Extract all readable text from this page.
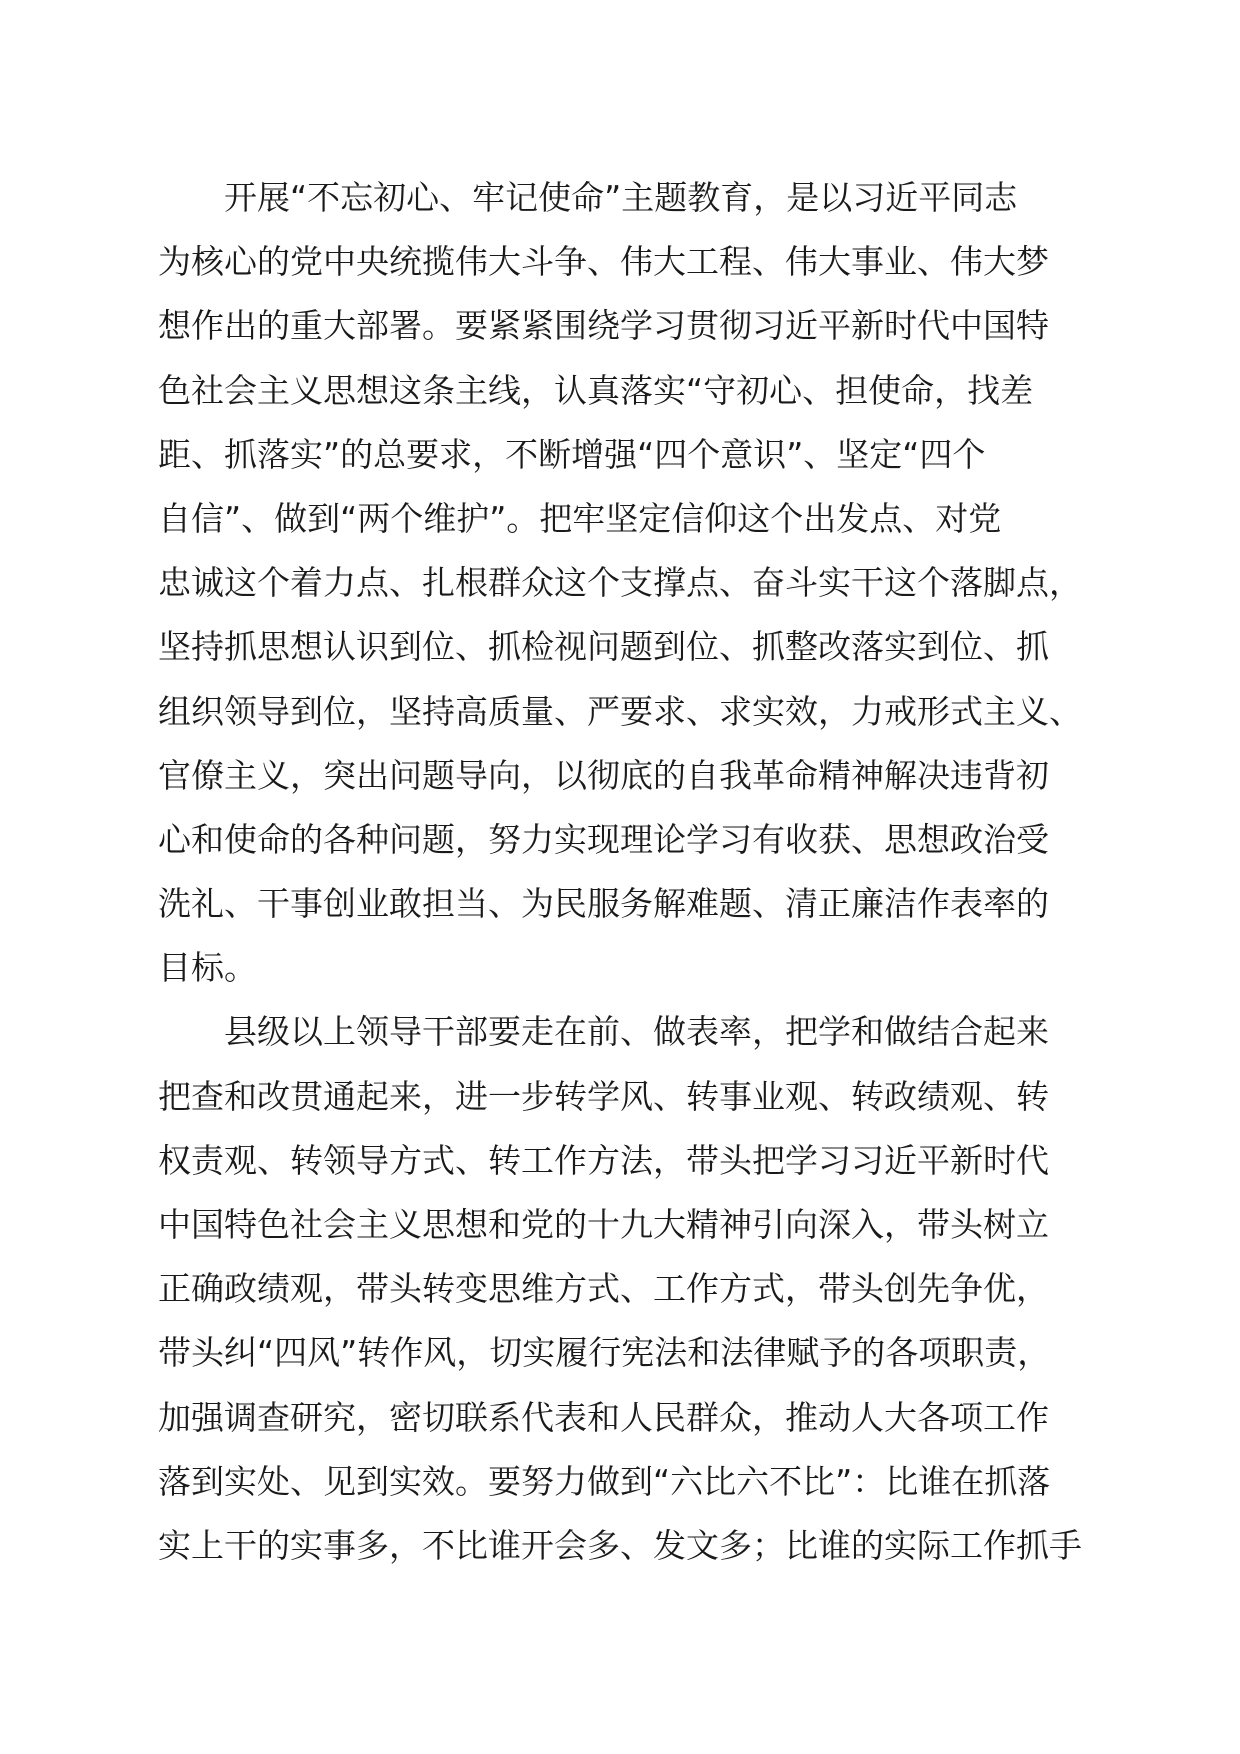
开展“不忘初心、牢记使命”主题教育，是以习近平同志
为核心的党中央统揽伟大斗争、伟大工程、伟大事业、伟大梦
想作出的重大部署。要紧紧围绕学习贯彻习近平新时代中国特
色社会主义思想这条主线，认真落实“守初心、担使命，找差
距、抓落实”的总要求，不断增强“四个意识”、坚定“四个
自信”、做到“两个维护”。把牢坚定信仰这个出发点、对党
忠诚这个着力点、扎根群众这个支撑点、奋斗实干这个落脚点，
坚持抓思想认识到位、抓检视问题到位、抓整改落实到位、抓
组织领导到位，坚持高质量、严要求、求实效，力戒形式主义、
官僚主义，突出问题导向，以彻底的自我革命精神解决违背初
心和使命的各种问题，努力实现理论学习有收获、思想政治受
洗礼、干事创业敢担当、为民服务解难题、清正廉洁作表率的
目标。
县级以上领导干部要走在前、做表率，把学和做结合起来
把查和改贯通起来，进一步转学风、转事业观、转政绩观、转
权责观、转领导方式、转工作方法，带头把学习习近平新时代
中国特色社会主义思想和党的十九大精神引向深入，带头树立
正确政绩观，带头转变思维方式、工作方式，带头创先争优，
带头纠“四风”转作风，切实履行宪法和法律赋予的各项职责，
加强调查研究，密切联系代表和人民群众，推动人大各项工作
落到实处、见到实效。要努力做到“六比六不比”：比谁在抓落
实上干的实事多，不比谁开会多、发文多；比谁的实际工作抓手
